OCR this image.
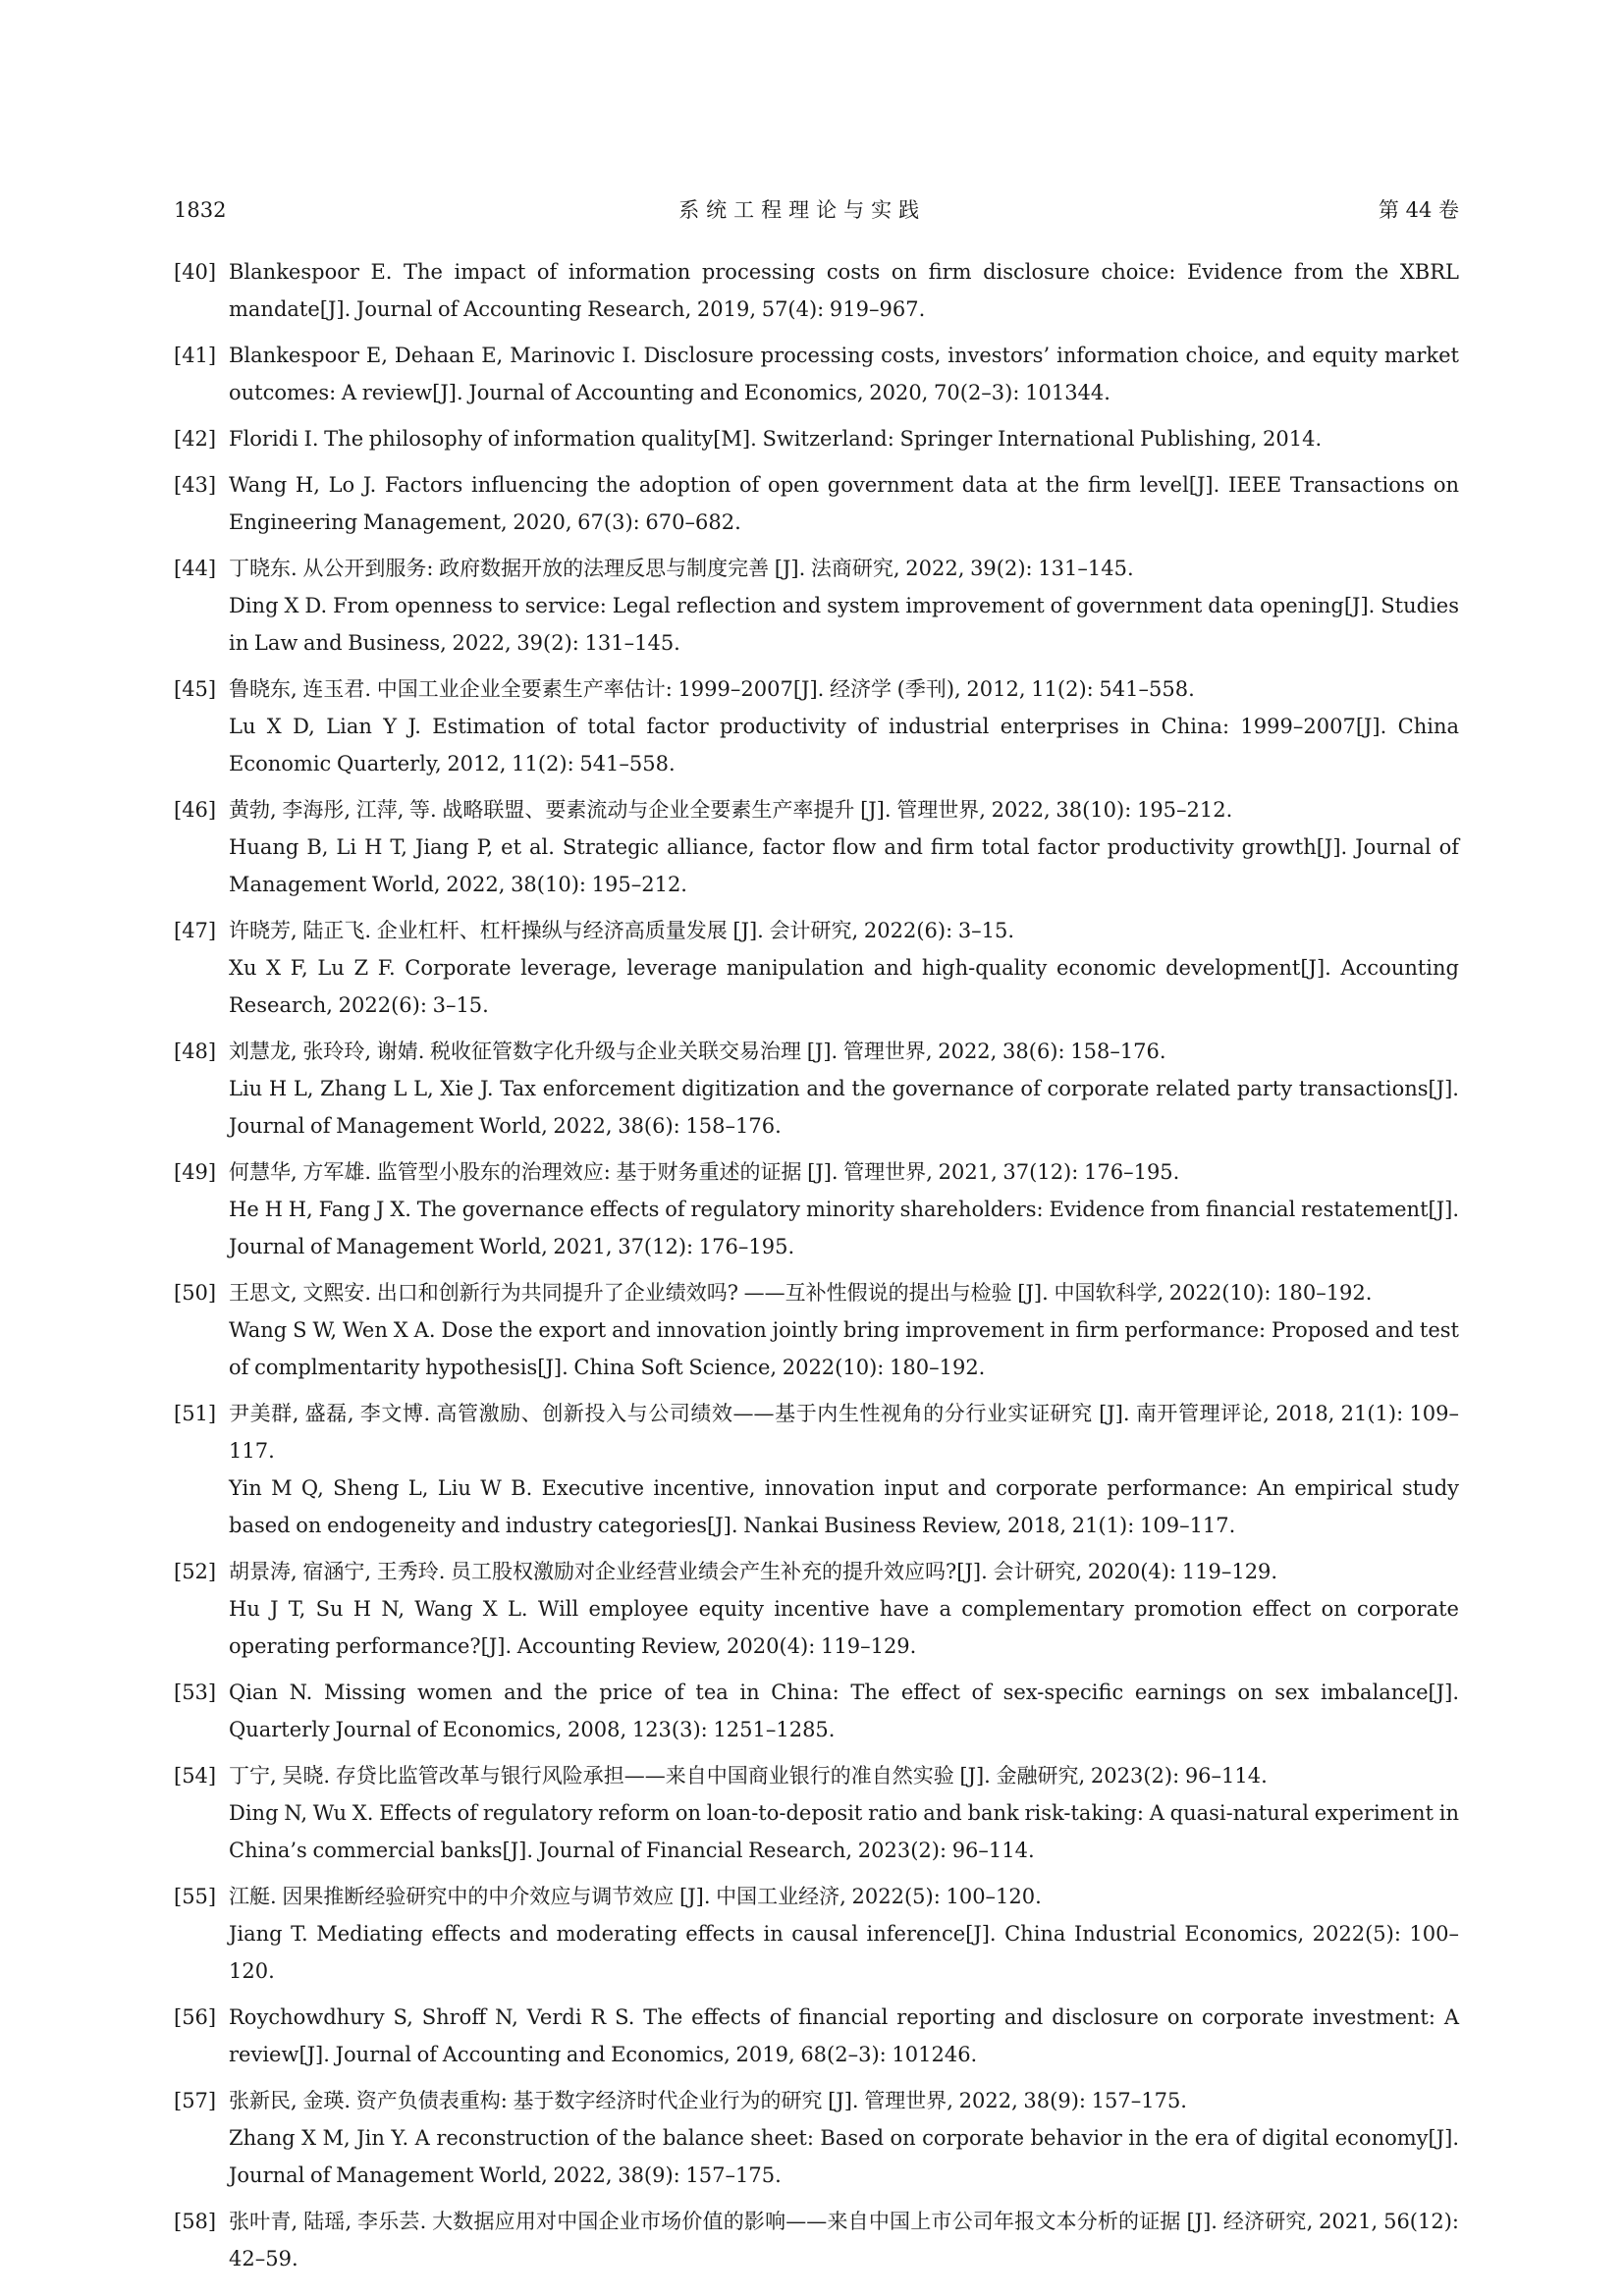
1832	系统工程理论与实践	第 44 卷
[40] Blankespoor E. The impact of information processing costs on firm disclosure choice: Evidence from the XBRL mandate[J]. Journal of Accounting Research, 2019, 57(4): 919–967.
[41] Blankespoor E, Dehaan E, Marinovic I. Disclosure processing costs, investors’ information choice, and equity market outcomes: A review[J]. Journal of Accounting and Economics, 2020, 70(2–3): 101344.
[42] Floridi I. The philosophy of information quality[M]. Switzerland: Springer International Publishing, 2014.
[43] Wang H, Lo J. Factors influencing the adoption of open government data at the firm level[J]. IEEE Transactions on Engineering Management, 2020, 67(3): 670–682.
[44] 丁晓东. 从公开到服务: 政府数据开放的法理反思与制度完善 [J]. 法商研究, 2022, 39(2): 131–145.
Ding X D. From openness to service: Legal reflection and system improvement of government data opening[J]. Studies in Law and Business, 2022, 39(2): 131–145.
[45] 鲁晓东, 连玉君. 中国工业企业全要素生产率估计: 1999–2007[J]. 经济学 (季刊), 2012, 11(2): 541–558.
Lu X D, Lian Y J. Estimation of total factor productivity of industrial enterprises in China: 1999–2007[J]. China Economic Quarterly, 2012, 11(2): 541–558.
[46] 黄勃, 李海彤, 江萍, 等. 战略联盟、要素流动与企业全要素生产率提升 [J]. 管理世界, 2022, 38(10): 195–212.
Huang B, Li H T, Jiang P, et al. Strategic alliance, factor flow and firm total factor productivity growth[J]. Journal of Management World, 2022, 38(10): 195–212.
[47] 许晓芳, 陆正飞. 企业杠杆、杠杆操纵与经济高质量发展 [J]. 会计研究, 2022(6): 3–15.
Xu X F, Lu Z F. Corporate leverage, leverage manipulation and high-quality economic development[J]. Accounting Research, 2022(6): 3–15.
[48] 刘慧龙, 张玲玲, 谢婧. 税收征管数字化升级与企业关联交易治理 [J]. 管理世界, 2022, 38(6): 158–176.
Liu H L, Zhang L L, Xie J. Tax enforcement digitization and the governance of corporate related party transactions[J]. Journal of Management World, 2022, 38(6): 158–176.
[49] 何慧华, 方军雄. 监管型小股东的治理效应: 基于财务重述的证据 [J]. 管理世界, 2021, 37(12): 176–195.
He H H, Fang J X. The governance effects of regulatory minority shareholders: Evidence from financial restatement[J]. Journal of Management World, 2021, 37(12): 176–195.
[50] 王思文, 文熙安. 出口和创新行为共同提升了企业绩效吗? ——互补性假说的提出与检验 [J]. 中国软科学, 2022(10): 180–192.
Wang S W, Wen X A. Dose the export and innovation jointly bring improvement in firm performance: Proposed and test of complmentarity hypothesis[J]. China Soft Science, 2022(10): 180–192.
[51] 尹美群, 盛磊, 李文博. 高管激励、创新投入与公司绩效——基于内生性视角的分行业实证研究 [J]. 南开管理评论, 2018, 21(1): 109–117.
Yin M Q, Sheng L, Liu W B. Executive incentive, innovation input and corporate performance: An empirical study based on endogeneity and industry categories[J]. Nankai Business Review, 2018, 21(1): 109–117.
[52] 胡景涛, 宿涵宁, 王秀玲. 员工股权激励对企业经营业绩会产生补充的提升效应吗?[J]. 会计研究, 2020(4): 119–129.
Hu J T, Su H N, Wang X L. Will employee equity incentive have a complementary promotion effect on corporate operating performance?[J]. Accounting Review, 2020(4): 119–129.
[53] Qian N. Missing women and the price of tea in China: The effect of sex-specific earnings on sex imbalance[J]. Quarterly Journal of Economics, 2008, 123(3): 1251–1285.
[54] 丁宁, 吴晓. 存贷比监管改革与银行风险承担——来自中国商业银行的准自然实验 [J]. 金融研究, 2023(2): 96–114.
Ding N, Wu X. Effects of regulatory reform on loan-to-deposit ratio and bank risk-taking: A quasi-natural experiment in China’s commercial banks[J]. Journal of Financial Research, 2023(2): 96–114.
[55] 江艇. 因果推断经验研究中的中介效应与调节效应 [J]. 中国工业经济, 2022(5): 100–120.
Jiang T. Mediating effects and moderating effects in causal inference[J]. China Industrial Economics, 2022(5): 100–120.
[56] Roychowdhury S, Shroff N, Verdi R S. The effects of financial reporting and disclosure on corporate investment: A review[J]. Journal of Accounting and Economics, 2019, 68(2–3): 101246.
[57] 张新民, 金瑛. 资产负债表重构: 基于数字经济时代企业行为的研究 [J]. 管理世界, 2022, 38(9): 157–175.
Zhang X M, Jin Y. A reconstruction of the balance sheet: Based on corporate behavior in the era of digital economy[J]. Journal of Management World, 2022, 38(9): 157–175.
[58] 张叶青, 陆瑶, 李乐芸. 大数据应用对中国企业市场价值的影响——来自中国上市公司年报文本分析的证据 [J]. 经济研究, 2021, 56(12): 42–59.
